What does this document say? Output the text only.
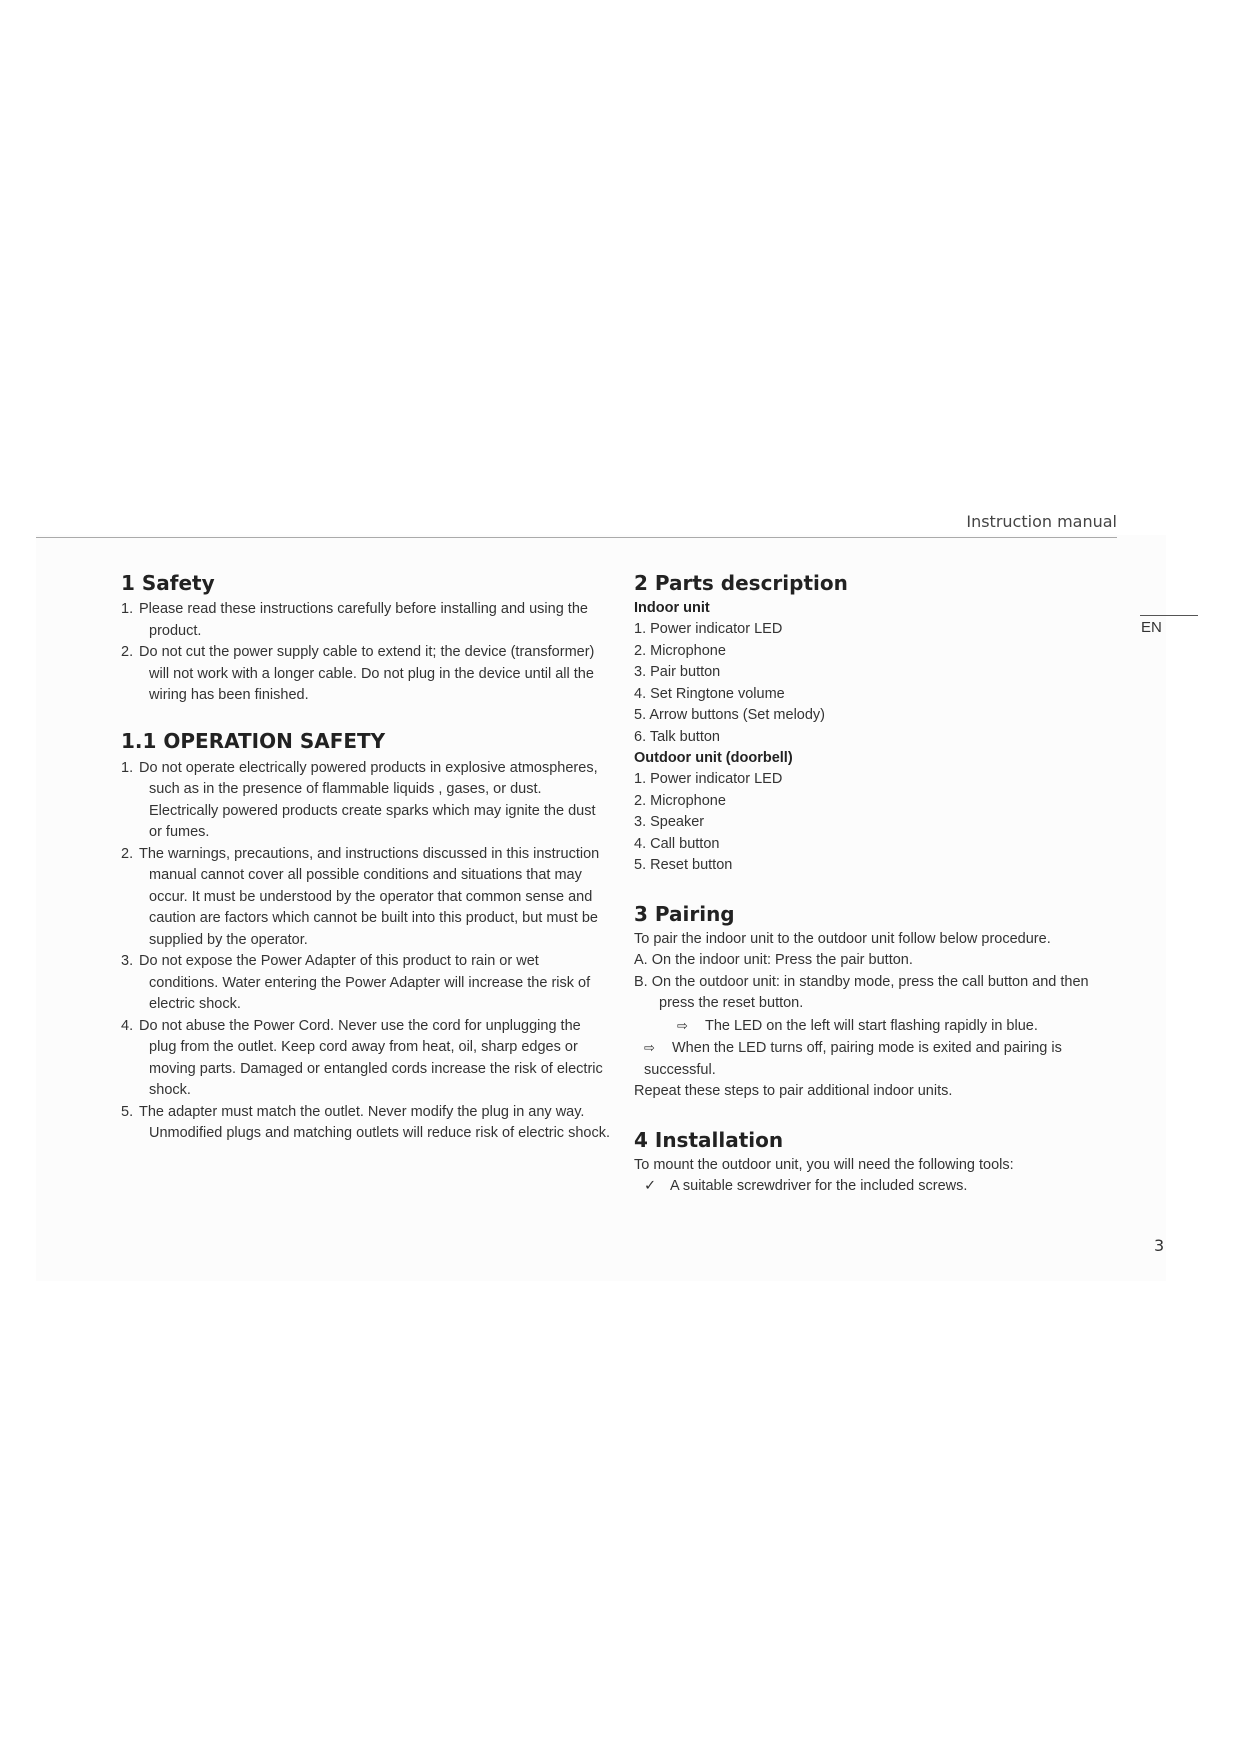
Instruction manual
EN
3
1 Safety
1. Please read these instructions carefully before installing and using the product.
2. Do not cut the power supply cable to extend it; the device (transformer) will not work with a longer cable. Do not plug in the device until all the wiring has been finished.
1.1 OPERATION SAFETY
1. Do not operate electrically powered products in explosive atmospheres, such as in the presence of flammable liquids , gases, or dust. Electrically powered products create sparks which may ignite the dust or fumes.
2. The warnings, precautions, and instructions discussed in this instruction manual cannot cover all possible conditions and situations that may occur. It must be understood by the operator that common sense and caution are factors which cannot be built into this product, but must be supplied by the operator.
3. Do not expose the Power Adapter of this product to rain or wet conditions. Water entering the Power Adapter will increase the risk of electric shock.
4. Do not abuse the Power Cord. Never use the cord for unplugging the plug from the outlet. Keep cord away from heat, oil, sharp edges or moving parts. Damaged or entangled cords increase the risk of electric shock.
5. The adapter must match the outlet. Never modify the plug in any way. Unmodified plugs and matching outlets will reduce risk of electric shock.
2 Parts description
Indoor unit
1. Power indicator LED
2. Microphone
3. Pair button
4. Set Ringtone volume
5. Arrow buttons (Set melody)
6. Talk button
Outdoor unit (doorbell)
1. Power indicator LED
2. Microphone
3. Speaker
4. Call button
5. Reset button
3 Pairing

To pair the indoor unit to the outdoor unit follow below procedure.

A. On the indoor unit: Press the pair button.

B. On the outdoor unit: in standby mode, press the call button and then press the reset button.

⇨ The LED on the left will start flashing rapidly in blue.

⇨ When the LED turns off, pairing mode is exited and pairing is successful.

Repeat these steps to pair additional indoor units.

4 Installation

To mount the outdoor unit, you will need the following tools:

✓ A suitable screwdriver for the included screws.
